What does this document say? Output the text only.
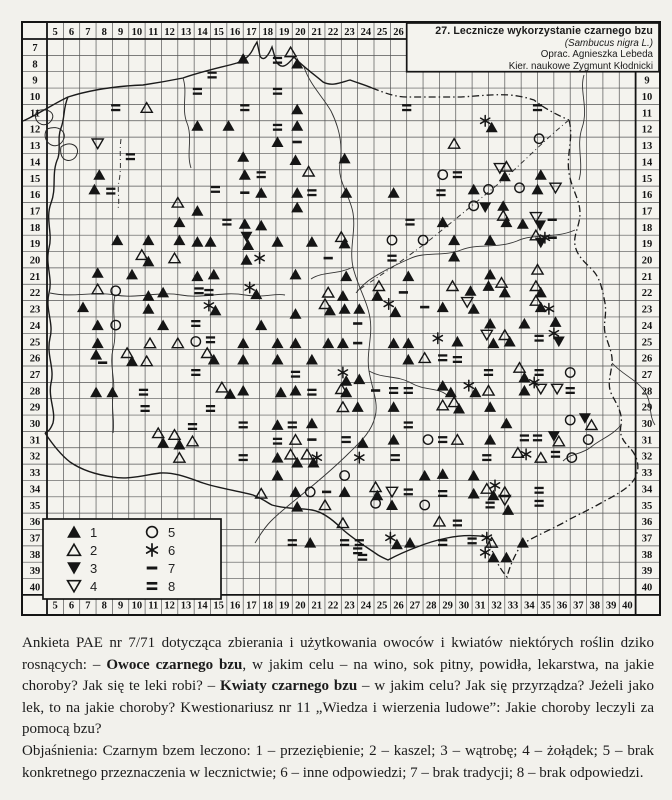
5 6 7 8 9 10 11 12 13 14 15 16 17 18 19 20 21 22 23 24 25 26
5 6 7 8 9 10 11 12 13 14 15 16 17 18 19 20 21 22 23 24 25 26 27 28 29 30 31 32 33 34 35 36 37 38 39 40
7
8
9
10
11
12
13
14
15
16
17
18
19
20
21
22
23
24
25
26
27
28
29
30
31
32
33
34
35
36
37
38
39
40
9
10
11
12
13
14
15
16
17
18
19
20
21
22
23
24
25
26
27
28
29
30
31
32
33
34
35
36
37
38
39
40
27. Lecznicze wykorzystanie czarnego bzu
(Sambucus nigra L.)
Oprac. Agnieszka Lebeda
Kier. naukowe Zygmunt Kłodnicki
1
2
3
4
5
6
7
8

Ankieta PAE nr 7/71 dotycząca zbierania i użytkowania owoców i kwiatów niektórych roślin dziko rosnących: – Owoce czarnego bzu, w jakim celu – na wino, sok pitny, powidła, lekarstwa, na jakie choroby? Jak się te leki robi? – Kwiaty czarnego bzu – w jakim celu? Jak się przyrządza? Jeżeli jako lek, to na jakie choroby? Kwestionariusz nr 11 „Wiedza i wierzenia ludowe”: Jakie choroby leczyli za pomocą bzu?

Objaśnienia: Czarnym bzem leczono: 1 – przeziębienie; 2 – kaszel; 3 – wątrobę; 4 – żołądek; 5 – brak konkretnego przeznaczenia w lecznictwie; 6 – inne odpowiedzi; 7 – brak tradycji; 8 – brak odpowiedzi.
